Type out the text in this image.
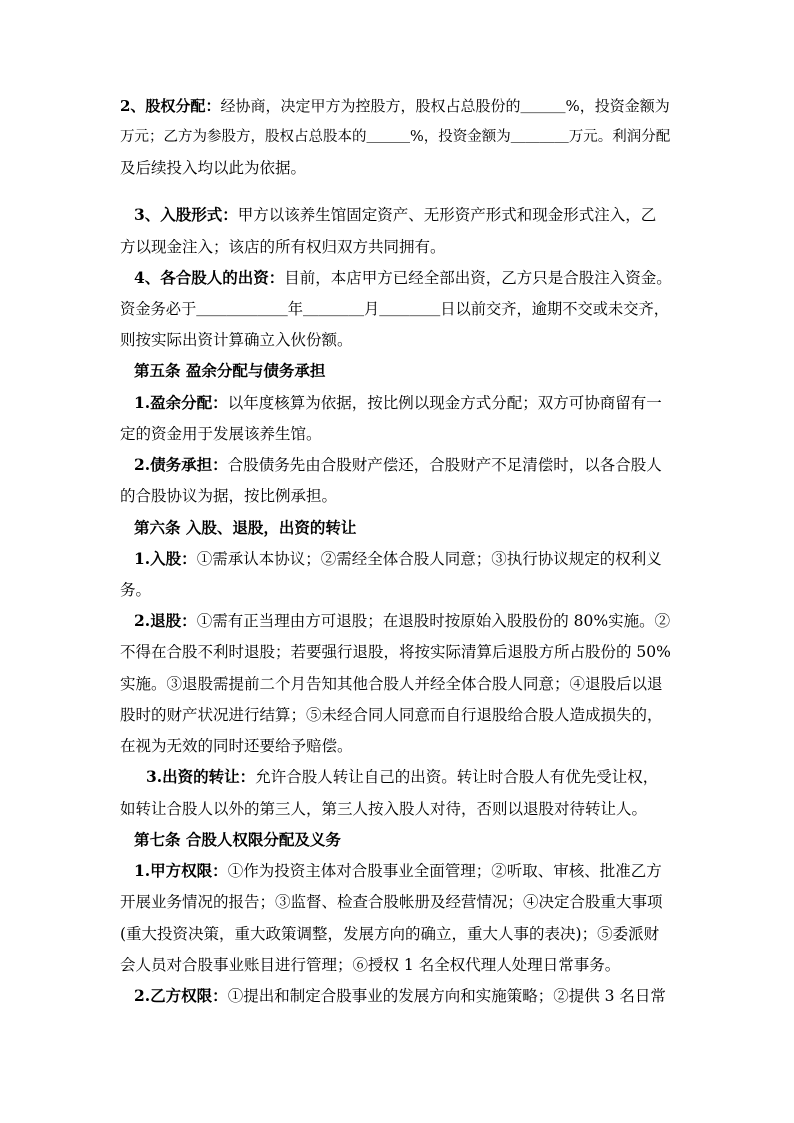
2、股权分配：经协商，决定甲方为控股方，股权占总股份的＿＿＿%，投资金额为
万元；乙方为参股方，股权占总股本的＿＿＿%，投资金额为＿＿＿＿万元。利润分配
及后续投入均以此为依据。
3、入股形式：甲方以该养生馆固定资产、无形资产形式和现金形式注入，乙
方以现金注入；该店的所有权归双方共同拥有。
4、各合股人的出资：目前，本店甲方已经全部出资，乙方只是合股注入资金。
资金务必于＿＿＿＿＿＿年＿＿＿＿月＿＿＿＿日以前交齐，逾期不交或未交齐，
则按实际出资计算确立入伙份额。
第五条 盈余分配与债务承担
1.盈余分配：以年度核算为依据，按比例以现金方式分配；双方可协商留有一
定的资金用于发展该养生馆。
2.债务承担：合股债务先由合股财产偿还，合股财产不足清偿时，以各合股人
的合股协议为据，按比例承担。
第六条 入股、退股，出资的转让
1.入股：①需承认本协议；②需经全体合股人同意；③执行协议规定的权利义
务。
2.退股：①需有正当理由方可退股；在退股时按原始入股股份的 80%实施。②
不得在合股不利时退股；若要强行退股，将按实际清算后退股方所占股份的 50%
实施。③退股需提前二个月告知其他合股人并经全体合股人同意；④退股后以退
股时的财产状况进行结算；⑤未经合同人同意而自行退股给合股人造成损失的，
在视为无效的同时还要给予赔偿。
3.出资的转让：允许合股人转让自己的出资。转让时合股人有优先受让权，
如转让合股人以外的第三人，第三人按入股人对待，否则以退股对待转让人。
第七条 合股人权限分配及义务
1.甲方权限：①作为投资主体对合股事业全面管理；②听取、审核、批准乙方
开展业务情况的报告；③监督、检查合股帐册及经营情况；④决定合股重大事项
(重大投资决策，重大政策调整，发展方向的确立，重大人事的表决)；⑤委派财
会人员对合股事业账目进行管理；⑥授权 1 名全权代理人处理日常事务。
2.乙方权限：①提出和制定合股事业的发展方向和实施策略；②提供 3 名日常
